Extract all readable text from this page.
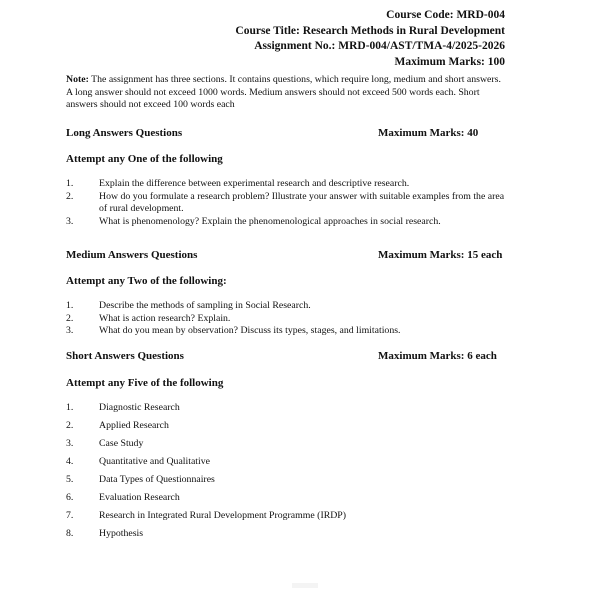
Course Code: MRD-004
Course Title: Research Methods in Rural Development
Assignment No.: MRD-004/AST/TMA-4/2025-2026
Maximum Marks: 100
Note: The assignment has three sections. It contains questions, which require long, medium and short answers. A long answer should not exceed 1000 words. Medium answers should not exceed 500 words each. Short answers should not exceed 100 words each
Long Answers Questions	Maximum Marks: 40
Attempt any One of the following
1.	Explain the difference between experimental research and descriptive research.
2.	How do you formulate a research problem? Illustrate your answer with suitable examples from the area of rural development.
3.	What is phenomenology? Explain the phenomenological approaches in social research.
Medium Answers Questions	Maximum Marks: 15 each
Attempt any Two of the following:
1.	Describe the methods of sampling in Social Research.
2.	What is action research? Explain.
3.	What do you mean by observation? Discuss its types, stages, and limitations.
Short Answers Questions	Maximum Marks: 6 each
Attempt any Five of the following
1.	Diagnostic Research
2.	Applied Research
3.	Case Study
4.	Quantitative and Qualitative
5.	Data Types of Questionnaires
6.	Evaluation Research
7.	Research in Integrated Rural Development Programme (IRDP)
8.	Hypothesis
